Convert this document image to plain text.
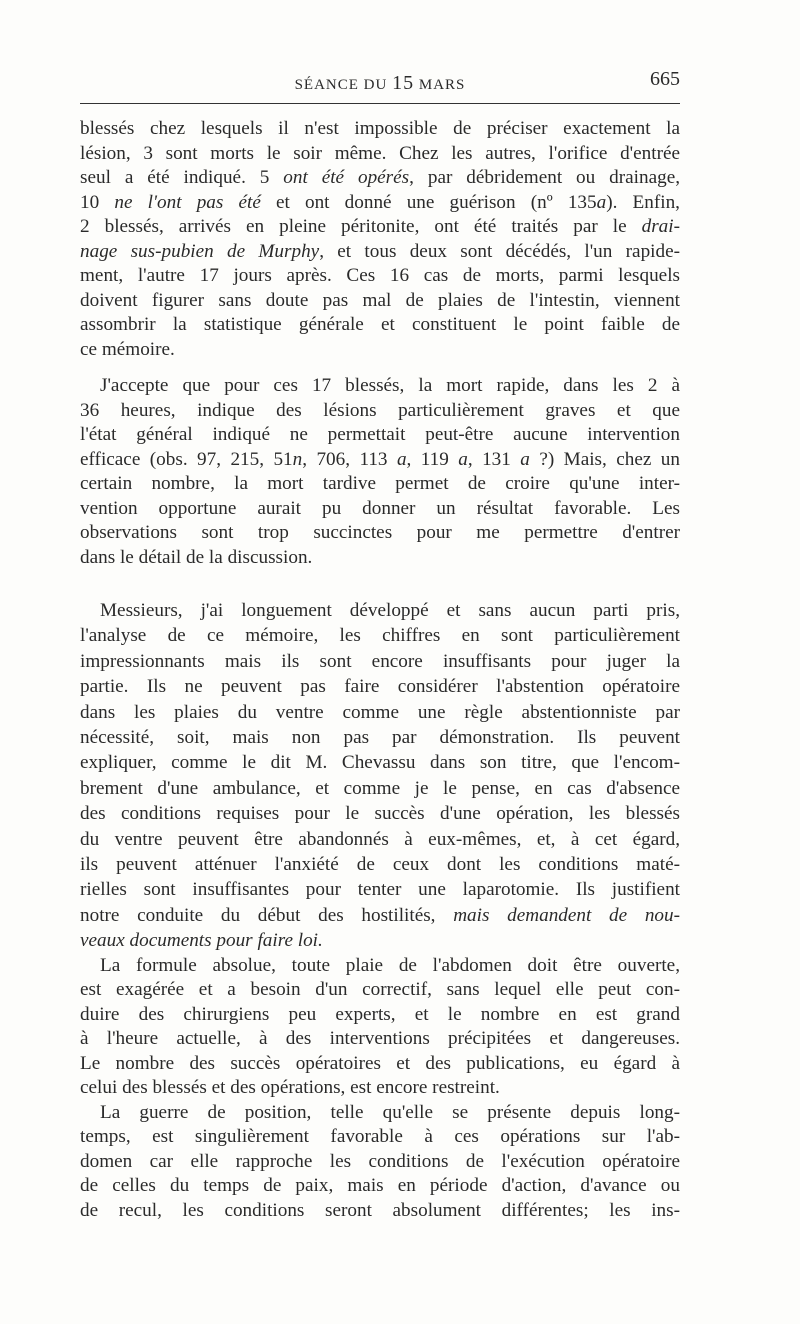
SÉANCE DU 15 MARS	665
blessés chez lesquels il n'est impossible de préciser exactement la
lésion, 3 sont morts le soir même. Chez les autres, l'orifice d'entrée
seul a été indiqué. 5 ont été opérés, par débridement ou drainage,
10 ne l'ont pas été et ont donné une guérison (nº 135a). Enfin,
2 blessés, arrivés en pleine péritonite, ont été traités par le drai-
nage sus-pubien de Murphy, et tous deux sont décédés, l'un rapide-
ment, l'autre 17 jours après. Ces 16 cas de morts, parmi lesquels
doivent figurer sans doute pas mal de plaies de l'intestin, viennent
assombrir la statistique générale et constituent le point faible de
ce mémoire.
J'accepte que pour ces 17 blessés, la mort rapide, dans les 2 à
36 heures, indique des lésions particulièrement graves et que
l'état général indiqué ne permettait peut-être aucune intervention
efficace (obs. 97, 215, 51n, 706, 113 a, 119 a, 131 a ?) Mais, chez un
certain nombre, la mort tardive permet de croire qu'une inter-
vention opportune aurait pu donner un résultat favorable. Les
observations sont trop succinctes pour me permettre d'entrer
dans le détail de la discussion.
Messieurs, j'ai longuement développé et sans aucun parti pris,
l'analyse de ce mémoire, les chiffres en sont particulièrement
impressionnants mais ils sont encore insuffisants pour juger la
partie. Ils ne peuvent pas faire considérer l'abstention opératoire
dans les plaies du ventre comme une règle abstentionniste par
nécessité, soit, mais non pas par démonstration. Ils peuvent
expliquer, comme le dit M. Chevassu dans son titre, que l'encom-
brement d'une ambulance, et comme je le pense, en cas d'absence
des conditions requises pour le succès d'une opération, les blessés
du ventre peuvent être abandonnés à eux-mêmes, et, à cet égard,
ils peuvent atténuer l'anxiété de ceux dont les conditions maté-
rielles sont insuffisantes pour tenter une laparotomie. Ils justifient
notre conduite du début des hostilités, mais demandent de nou-
veaux documents pour faire loi.
La formule absolue, toute plaie de l'abdomen doit être ouverte,
est exagérée et a besoin d'un correctif, sans lequel elle peut con-
duire des chirurgiens peu experts, et le nombre en est grand
à l'heure actuelle, à des interventions précipitées et dangereuses.
Le nombre des succès opératoires et des publications, eu égard à
celui des blessés et des opérations, est encore restreint.
La guerre de position, telle qu'elle se présente depuis long-
temps, est singulièrement favorable à ces opérations sur l'ab-
domen car elle rapproche les conditions de l'exécution opératoire
de celles du temps de paix, mais en période d'action, d'avance ou
de recul, les conditions seront absolument différentes; les ins-
